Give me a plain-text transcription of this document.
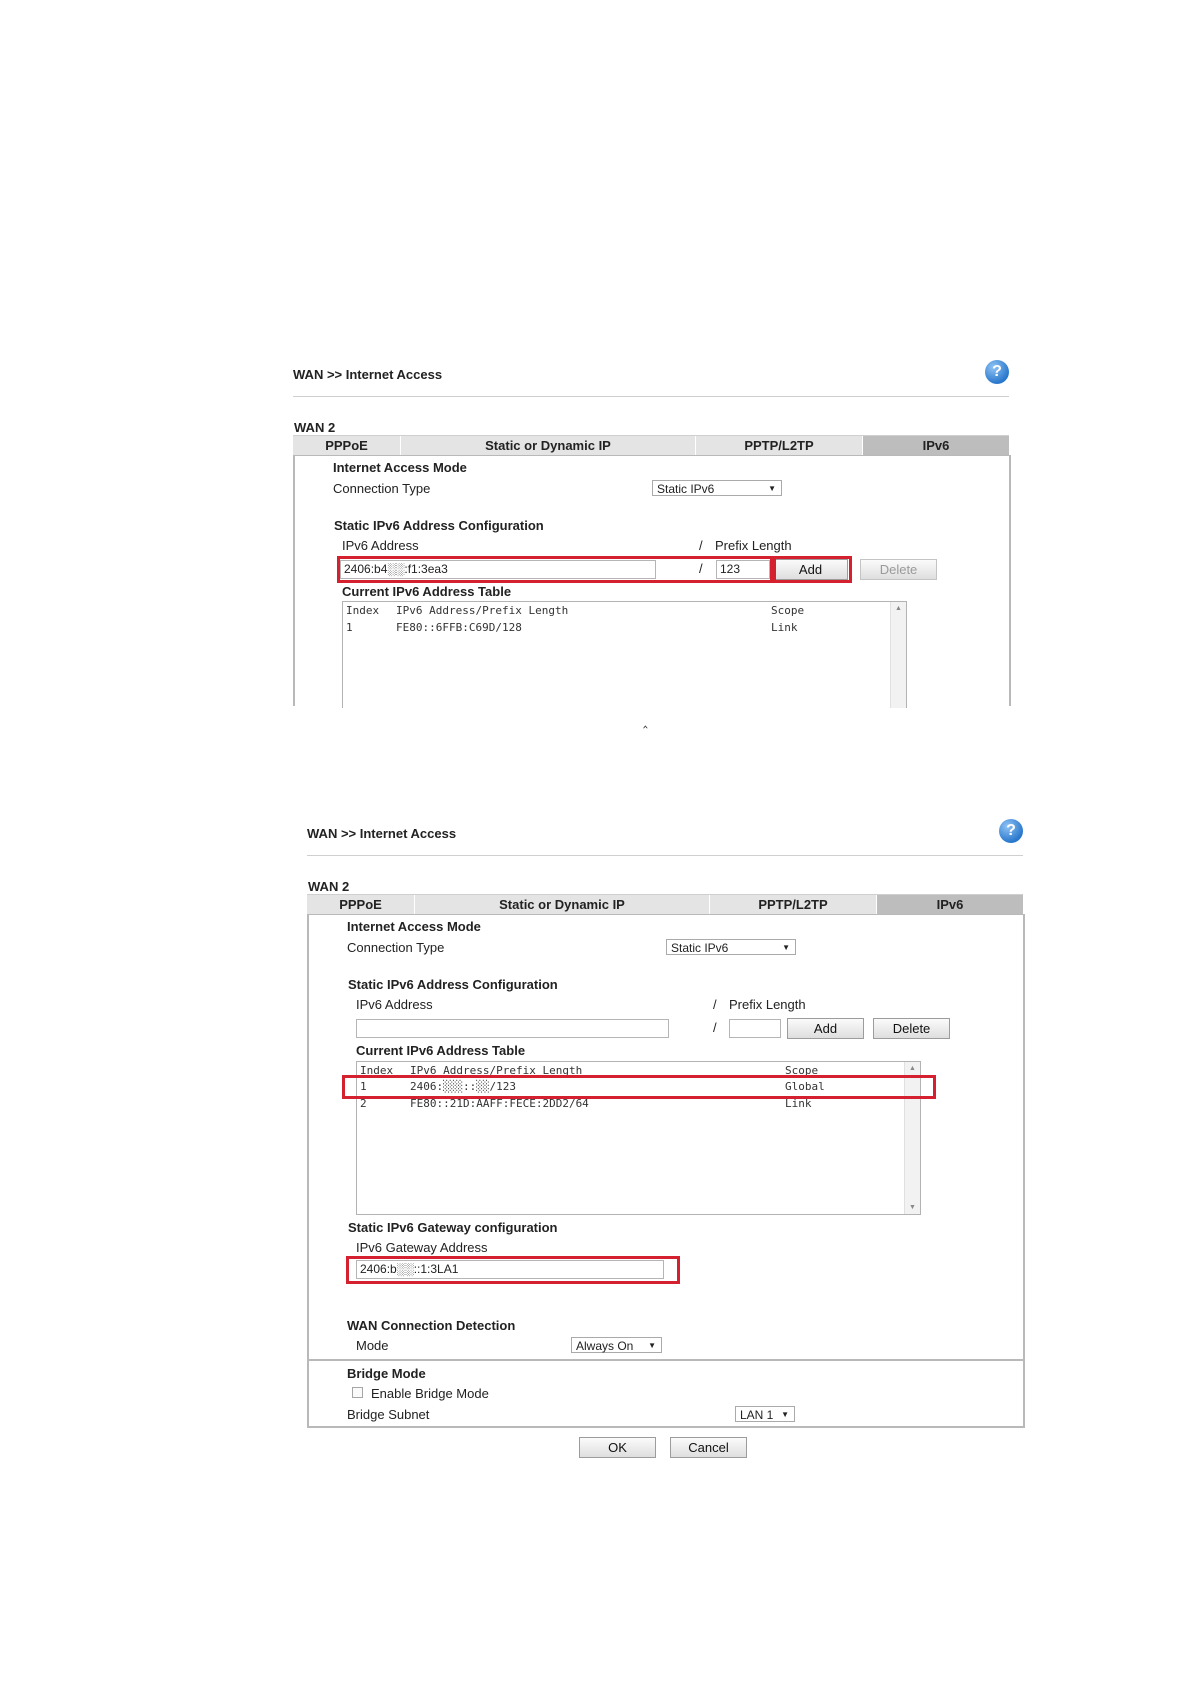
WAN >> Internet Access	?
WAN 2
PPPoE	Static or Dynamic IP	PPTP/L2TP	IPv6
Internet Access Mode
Connection Type	Static IPv6	▼
Static IPv6 Address Configuration
IPv6 Address	/ Prefix Length
2406:b4░░:f1:3ea3	/	123	Add	Delete
Current IPv6 Address Table
Index IPv6 Address/Prefix Length	Scope
1	FE80::6FFB:C69D/128	Link
▲
‸
WAN >> Internet Access	?
WAN 2
PPPoE	Static or Dynamic IP	PPTP/L2TP	IPv6
Internet Access Mode
Connection Type	Static IPv6	▼
Static IPv6 Address Configuration
IPv6 Address	/ Prefix Length
/	Add	Delete
Current IPv6 Address Table
Index IPv6 Address/Prefix Length	Scope
1	2406:░░░::░░/123	Global
2	FE80::21D:AAFF:FECE:2DD2/64	Link
▲
▼
Static IPv6 Gateway configuration
IPv6 Gateway Address
2406:b░░::1:3LA1
WAN Connection Detection
Mode	Always On ▼
Bridge Mode
Enable Bridge Mode
Bridge Subnet	LAN 1 ▼
OK	Cancel
